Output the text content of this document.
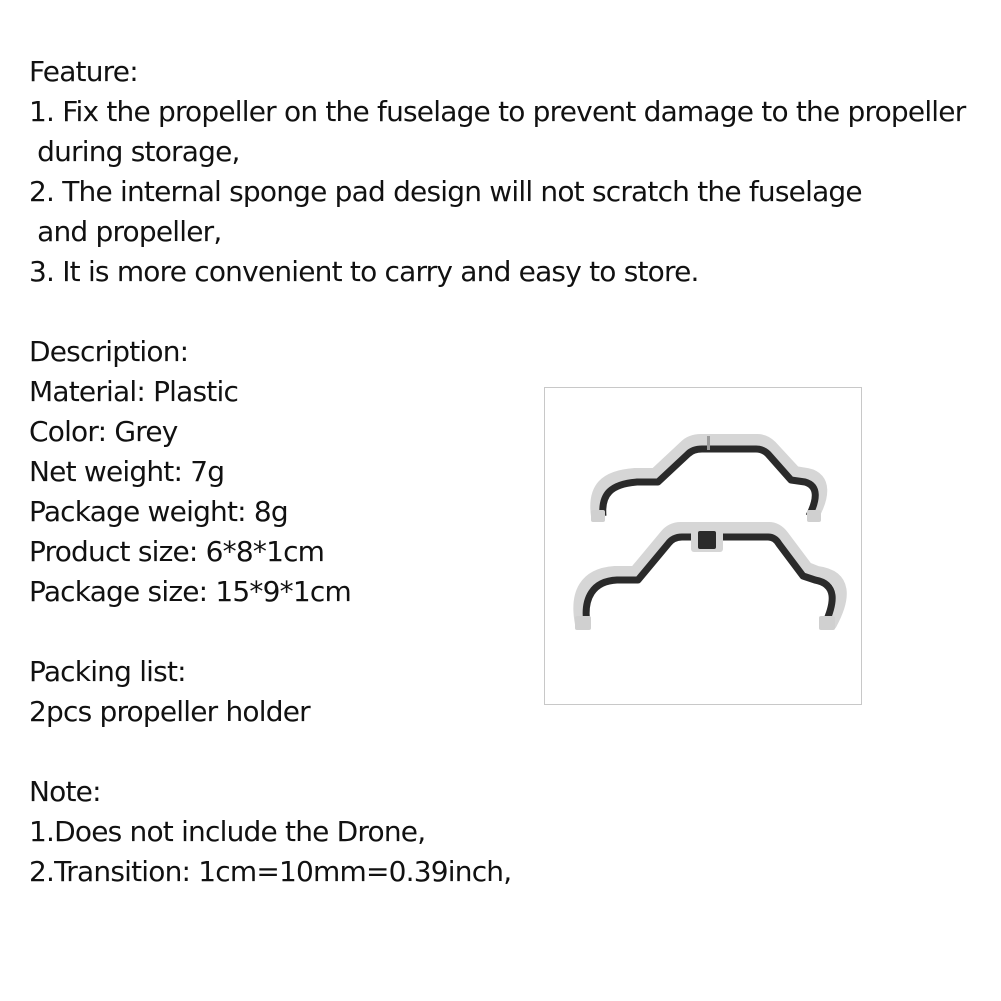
Feature:
1. Fix the propeller on the fuselage to prevent damage to the propeller
during storage,
2. The internal sponge pad design will not scratch the fuselage
and propeller,
3. It is more convenient to carry and easy to store.
Description:
Material: Plastic
Color: Grey
Net weight: 7g
Package weight: 8g
Product size: 6*8*1cm
Package size: 15*9*1cm
Packing list:
2pcs propeller holder
Note:
1.Does not include the Drone,
2.Transition: 1cm=10mm=0.39inch,
